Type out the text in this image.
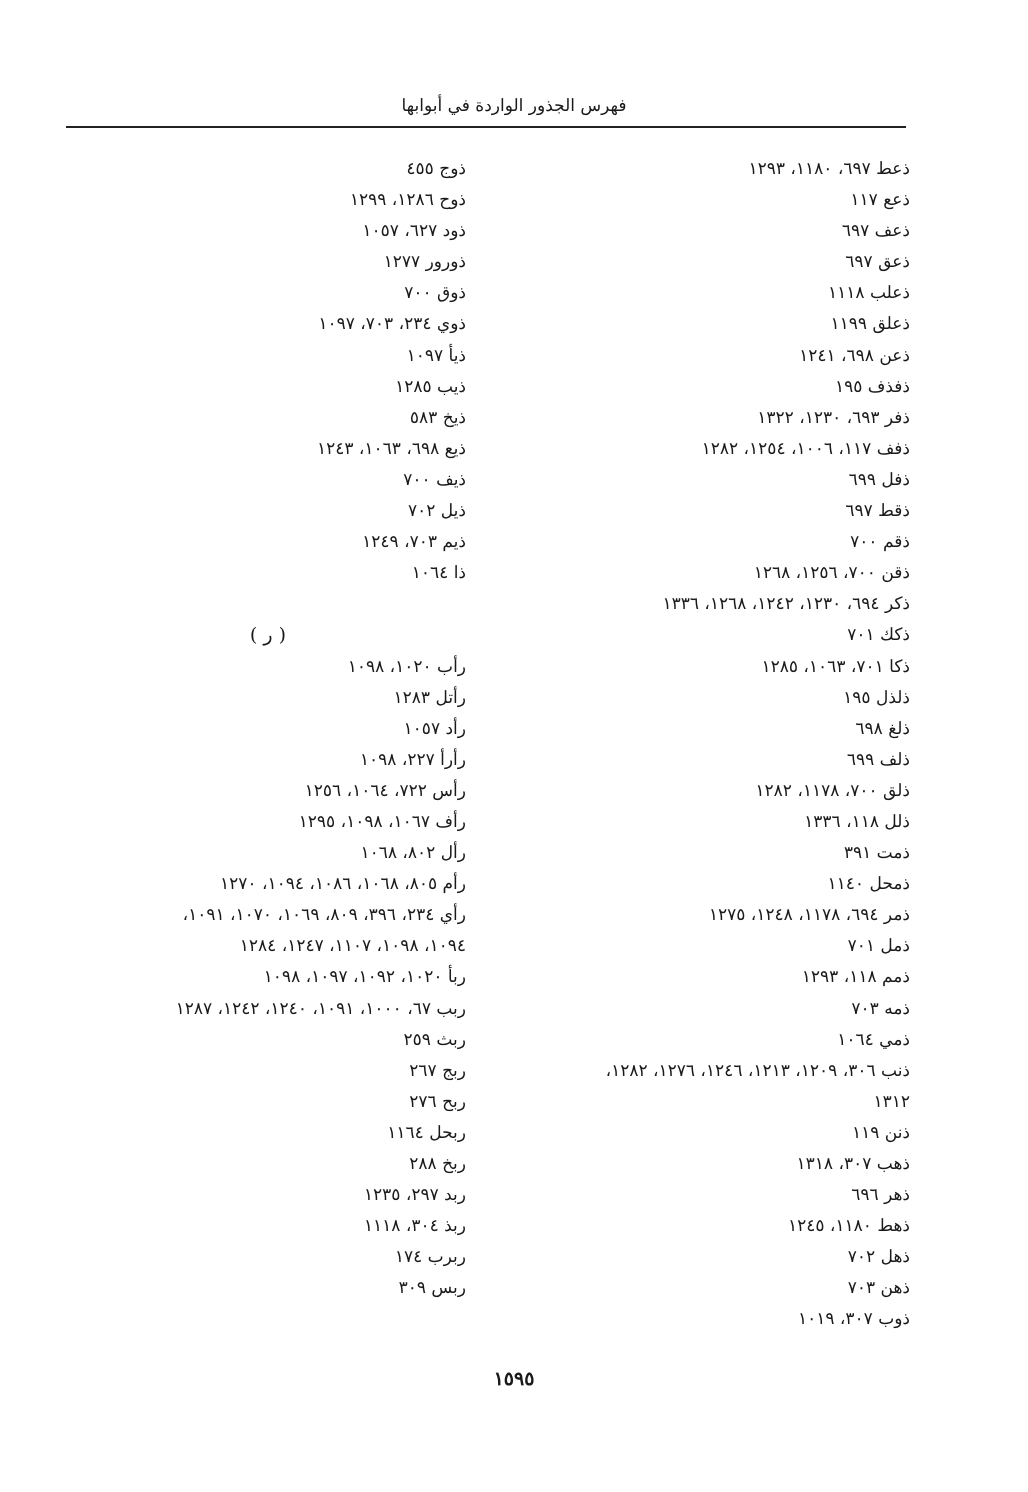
فهرس الجذور الواردة في أبوابها
ذعط ٦٩٧، ١١٨٠، ١٢٩٣
ذعع ١١٧
ذعف ٦٩٧
ذعق ٦٩٧
ذعلب ١١١٨
ذعلق ١١٩٩
ذعن ٦٩٨، ١٢٤١
ذفذف ١٩٥
ذفر ٦٩٣، ١٢٣٠، ١٣٢٢
ذفف ١١٧، ١٠٠٦، ١٢٥٤، ١٢٨٢
ذفل ٦٩٩
ذقط ٦٩٧
ذقم ٧٠٠
ذقن ٧٠٠، ١٢٥٦، ١٢٦٨
ذكر ٦٩٤، ١٢٣٠، ١٢٤٢، ١٢٦٨، ١٣٣٦
ذكك ٧٠١
ذكا ٧٠١، ١٠٦٣، ١٢٨٥
ذلذل ١٩٥
ذلغ ٦٩٨
ذلف ٦٩٩
ذلق ٧٠٠، ١١٧٨، ١٢٨٢
ذلل ١١٨، ١٣٣٦
ذمت ٣٩١
ذمحل ١١٤٠
ذمر ٦٩٤، ١١٧٨، ١٢٤٨، ١٢٧٥
ذمل ٧٠١
ذمم ١١٨، ١٢٩٣
ذمه ٧٠٣
ذمي ١٠٦٤
ذنب ٣٠٦، ١٢٠٩، ١٢١٣، ١٢٤٦، ١٢٧٦، ١٢٨٢،
١٣١٢
ذنن ١١٩
ذهب ٣٠٧، ١٣١٨
ذهر ٦٩٦
ذهط ١١٨٠، ١٢٤٥
ذهل ٧٠٢
ذهن ٧٠٣
ذوب ٣٠٧، ١٠١٩
ذوج ٤٥٥
ذوح ١٢٨٦، ١٢٩٩
ذود ٦٢٧، ١٠٥٧
ذورور ١٢٧٧
ذوق ٧٠٠
ذوي ٢٣٤، ٧٠٣، ١٠٩٧
ذيأ ١٠٩٧
ذيب ١٢٨٥
ذيخ ٥٨٣
ذيع ٦٩٨، ١٠٦٣، ١٢٤٣
ذيف ٧٠٠
ذيل ٧٠٢
ذيم ٧٠٣، ١٢٤٩
ذا ١٠٦٤
( ر )
رأب ١٠٢٠، ١٠٩٨
رأتل ١٢٨٣
رأد ١٠٥٧
رأرأ ٢٢٧، ١٠٩٨
رأس ٧٢٢، ١٠٦٤، ١٢٥٦
رأف ١٠٦٧، ١٠٩٨، ١٢٩٥
رأل ٨٠٢، ١٠٦٨
رأم ٨٠٥، ١٠٦٨، ١٠٨٦، ١٠٩٤، ١٢٧٠
رأي ٢٣٤، ٣٩٦، ٨٠٩، ١٠٦٩، ١٠٧٠، ١٠٩١،
١٠٩٤، ١٠٩٨، ١١٠٧، ١٢٤٧، ١٢٨٤
ربأ ١٠٢٠، ١٠٩٢، ١٠٩٧، ١٠٩٨
ربب ٦٧، ١٠٠٠، ١٠٩١، ١٢٤٠، ١٢٤٢، ١٢٨٧
ربث ٢٥٩
ربج ٢٦٧
ربح ٢٧٦
ربحل ١١٦٤
ربخ ٢٨٨
ربد ٢٩٧، ١٢٣٥
ربذ ٣٠٤، ١١١٨
ربرب ١٧٤
ربس ٣٠٩
١٥٩٥
